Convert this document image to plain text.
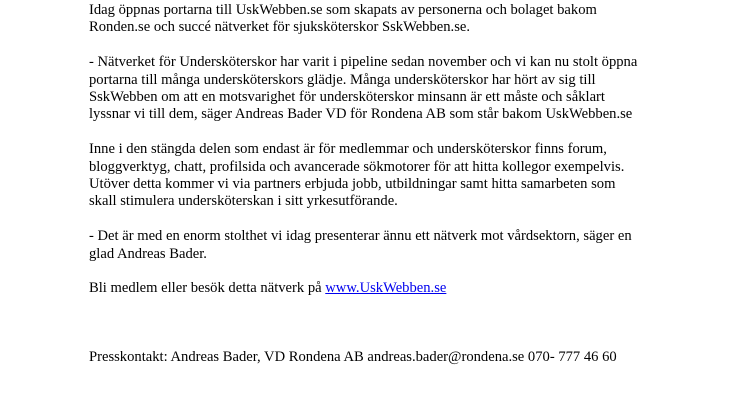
Idag öppnas portarna till UskWebben.se som skapats av personerna och bolaget bakom
Ronden.se och succé nätverket för sjuksköterskor SskWebben.se.

- Nätverket för Undersköterskor har varit i pipeline sedan november och vi kan nu stolt öppna
portarna till många undersköterskors glädje. Många undersköterskor har hört av sig till
SskWebben om att en motsvarighet för undersköterskor minsann är ett måste och såklart
lyssnar vi till dem, säger Andreas Bader VD för Rondena AB som står bakom UskWebben.se

Inne i den stängda delen som endast är för medlemmar och undersköterskor finns forum,
bloggverktyg, chatt, profilsida och avancerade sökmotorer för att hitta kollegor exempelvis.
Utöver detta kommer vi via partners erbjuda jobb, utbildningar samt hitta samarbeten som
skall stimulera undersköterskan i sitt yrkesutförande.

- Det är med en enorm stolthet vi idag presenterar ännu ett nätverk mot vårdsektorn, säger en
glad Andreas Bader.

Bli medlem eller besök detta nätverk på www.UskWebben.se

Presskontakt: Andreas Bader, VD Rondena AB andreas.bader@rondena.se 070- 777 46 60
